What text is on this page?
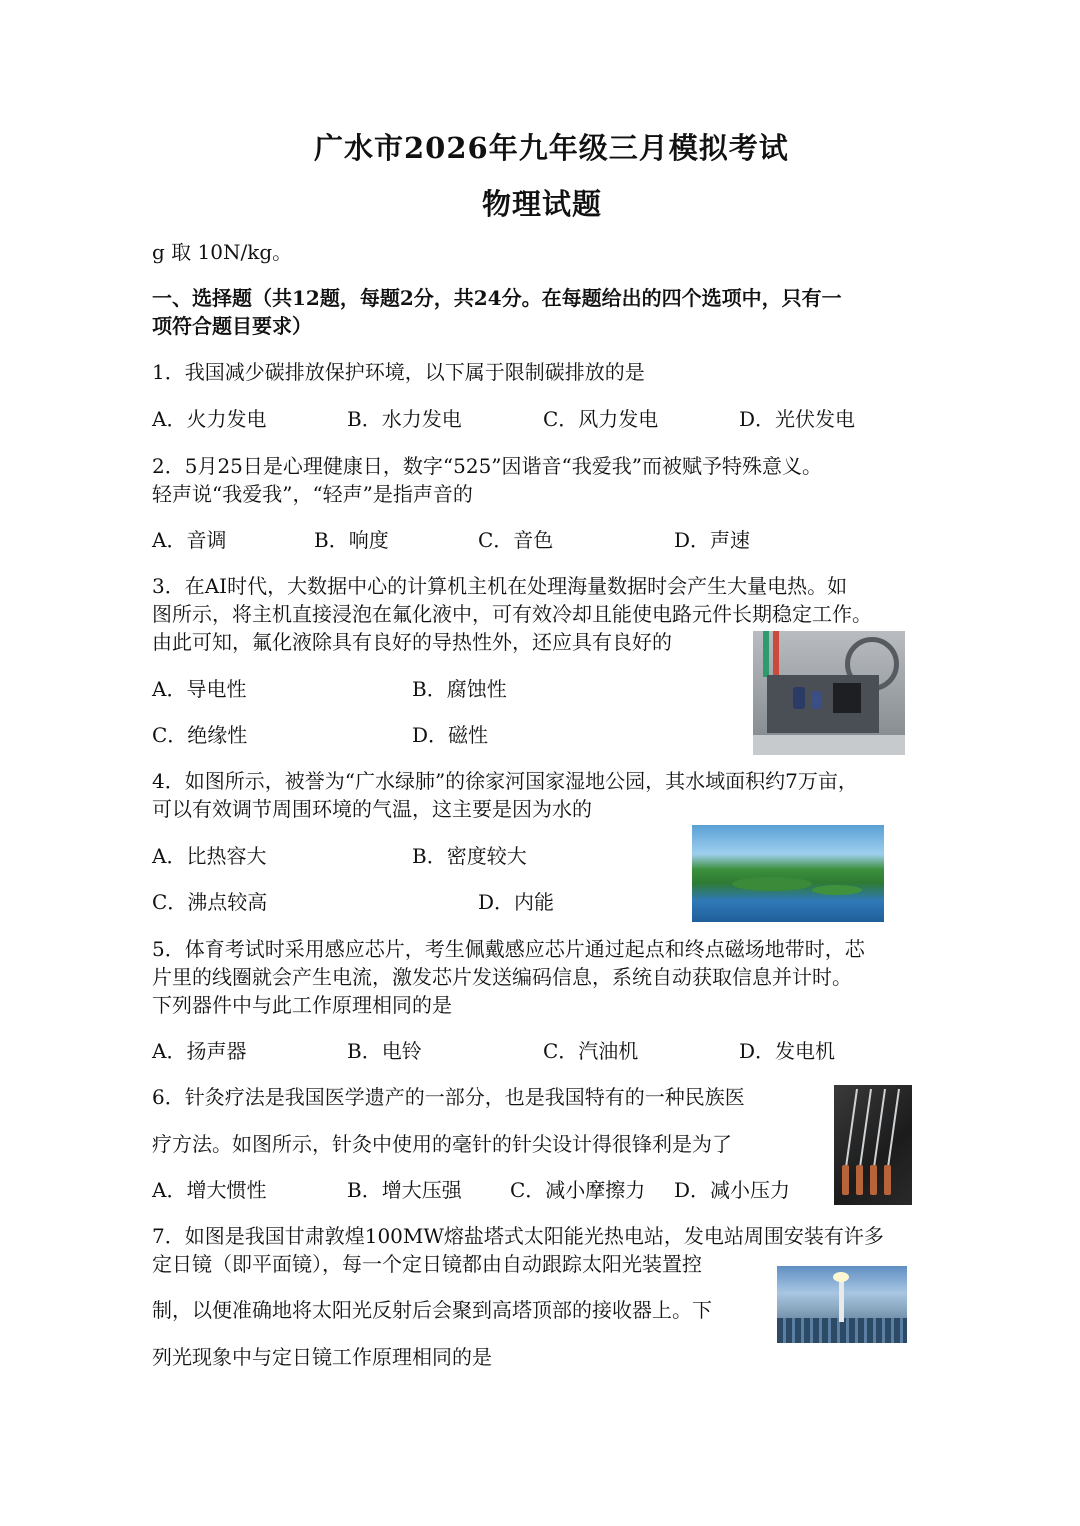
广水市2026年九年级三月模拟考试
物理试题
g 取 10N/kg。
一、选择题（共12题，每题2分，共24分。在每题给出的四个选项中，只有一
项符合题目要求）
1．我国减少碳排放保护环境，以下属于限制碳排放的是
A．火力发电	B．水力发电	C．风力发电	D．光伏发电
2．5月25日是心理健康日，数字“525”因谐音“我爱我”而被赋予特殊意义。
轻声说“我爱我”，“轻声”是指声音的
A．音调	B．响度	C．音色	D．声速
3．在AI时代，大数据中心的计算机主机在处理海量数据时会产生大量电热。如
图所示，将主机直接浸泡在氟化液中，可有效冷却且能使电路元件长期稳定工作。
由此可知，氟化液除具有良好的导热性外，还应具有良好的
A．导电性	B．腐蚀性
C．绝缘性	D．磁性
4．如图所示，被誉为“广水绿肺”的徐家河国家湿地公园，其水域面积约7万亩，
可以有效调节周围环境的气温，这主要是因为水的
A．比热容大	B．密度较大
C．沸点较高	D．内能
5．体育考试时采用感应芯片，考生佩戴感应芯片通过起点和终点磁场地带时，芯
片里的线圈就会产生电流，激发芯片发送编码信息，系统自动获取信息并计时。
下列器件中与此工作原理相同的是
A．扬声器	B．电铃	C．汽油机	D．发电机
6．针灸疗法是我国医学遗产的一部分，也是我国特有的一种民族医
疗方法。如图所示，针灸中使用的毫针的针尖设计得很锋利是为了
A．增大惯性	B．增大压强 C．减小摩擦力 D．减小压力
7．如图是我国甘肃敦煌100MW熔盐塔式太阳能光热电站，发电站周围安装有许多
定日镜（即平面镜），每一个定日镜都由自动跟踪太阳光装置控
制，以便准确地将太阳光反射后会聚到高塔顶部的接收器上。下
列光现象中与定日镜工作原理相同的是
